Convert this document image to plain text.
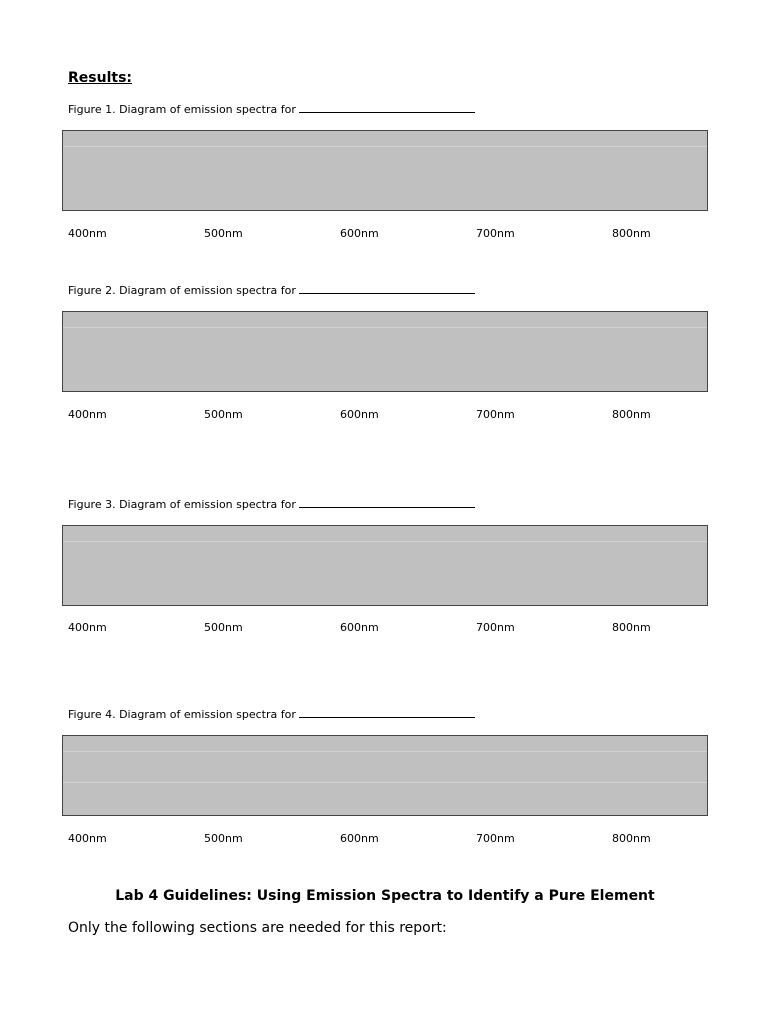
Results:
Figure 1. Diagram of emission spectra for
400nm	500nm	600nm	700nm	800nm
Figure 2. Diagram of emission spectra for
400nm	500nm	600nm	700nm	800nm
Figure 3. Diagram of emission spectra for
400nm	500nm	600nm	700nm	800nm
Figure 4. Diagram of emission spectra for
400nm	500nm	600nm	700nm	800nm
Lab 4 Guidelines: Using Emission Spectra to Identify a Pure Element
Only the following sections are needed for this report:
